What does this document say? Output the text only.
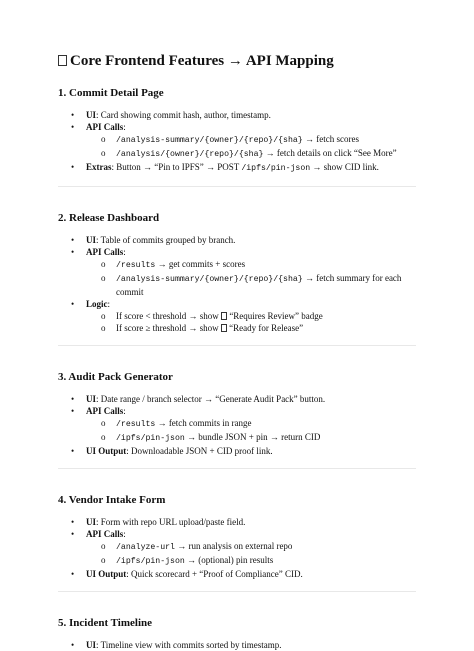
Core Frontend Features → API Mapping
1. Commit Detail Page
• UI: Card showing commit hash, author, timestamp.
• API Calls:
o /analysis-summary/{owner}/{repo}/{sha} → fetch scores
o /analysis/{owner}/{repo}/{sha} → fetch details on click “See More”
• Extras: Button → “Pin to IPFS” → POST /ipfs/pin-json → show CID link.
2. Release Dashboard
• UI: Table of commits grouped by branch.
• API Calls:
o /results → get commits + scores
o /analysis-summary/{owner}/{repo}/{sha} → fetch summary for each commit
• Logic:
o If score < threshold → show  “Requires Review” badge
o If score ≥ threshold → show  “Ready for Release”
3. Audit Pack Generator
• UI: Date range / branch selector → “Generate Audit Pack” button.
• API Calls:
o /results → fetch commits in range
o /ipfs/pin-json → bundle JSON + pin → return CID
• UI Output: Downloadable JSON + CID proof link.
4. Vendor Intake Form
• UI: Form with repo URL upload/paste field.
• API Calls:
o /analyze-url → run analysis on external repo
o /ipfs/pin-json → (optional) pin results
• UI Output: Quick scorecard + “Proof of Compliance” CID.
5. Incident Timeline
• UI: Timeline view with commits sorted by timestamp.
